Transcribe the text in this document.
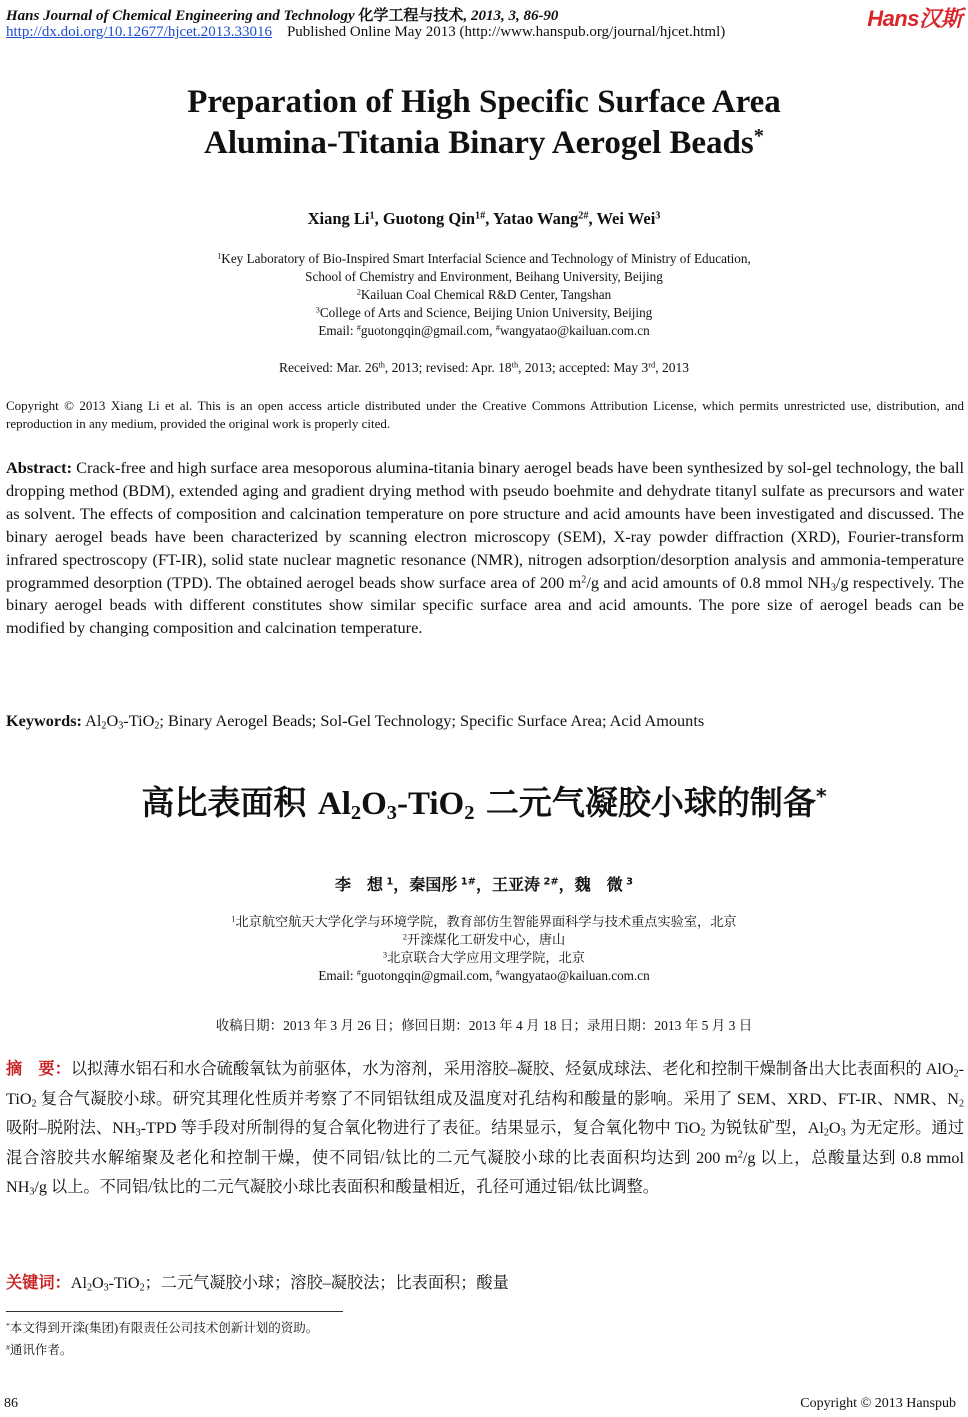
Hans Journal of Chemical Engineering and Technology 化学工程与技术, 2013, 3, 86-90	Hans汉斯
http://dx.doi.org/10.12677/hjcet.2013.33016 Published Online May 2013 (http://www.hanspub.org/journal/hjcet.html)
Preparation of High Specific Surface Area
Alumina-Titania Binary Aerogel Beads*
Xiang Li$^1$, Guotong Qin$^{1\#}$, Yatao Wang$^{2\#}$, Wei Wei$^3$
$^1$Key Laboratory of Bio-Inspired Smart Interfacial Science and Technology of Ministry of Education,
School of Chemistry and Environment, Beihang University, Beijing
$^2$Kailuan Coal Chemical R&D Center, Tangshan
$^3$College of Arts and Science, Beijing Union University, Beijing
Email: #guotongqin@gmail.com, #wangyatao@kailuan.com.cn
Received: Mar. 26th, 2013; revised: Apr. 18th, 2013; accepted: May 3rd, 2013
Copyright © 2013 Xiang Li et al. This is an open access article distributed under the Creative Commons Attribution License, which permits unrestricted use, distribution, and reproduction in any medium, provided the original work is properly cited.
Abstract: Crack-free and high surface area mesoporous alumina-titania binary aerogel beads have been synthesized by sol-gel technology, the ball dropping method (BDM), extended aging and gradient drying method with pseudo boehmite and dehydrate titanyl sulfate as precursors and water as solvent. The effects of composition and calcination temperature on pore structure and acid amounts have been investigated and discussed. The binary aerogel beads have been characterized by scanning electron microscopy (SEM), X-ray powder diffraction (XRD), Fourier-transform infrared spectroscopy (FT-IR), solid state nuclear magnetic resonance (NMR), nitrogen adsorption/desorption analysis and ammonia-temperature programmed desorption (TPD). The obtained aerogel beads show surface area of 200 $m^2/g$ and acid amounts of 0.8 mmol $NH_3/g$ respectively. The binary aerogel beads with different constitutes show similar specific surface area and acid amounts. The pore size of aerogel beads can be modified by changing composition and calcination temperature.
Keywords: $Al_2O_3-TiO_2$; Binary Aerogel Beads; Sol-Gel Technology; Specific Surface Area; Acid Amounts
高比表面积 $Al_2O_3-TiO_2$ 二元气凝胶小球的制备*
李　想 $^1$，秦国彤 $^{1\#}$，王亚涛 $^{2\#}$，魏　微 $^3$
$^1$北京航空航天大学化学与环境学院，教育部仿生智能界面科学与技术重点实验室，北京
$^2$开滦煤化工研发中心，唐山
$^3$北京联合大学应用文理学院，北京
Email: #guotongqin@gmail.com, #wangyatao@kailuan.com.cn
收稿日期：2013 年 3 月 26 日；修回日期：2013 年 4 月 18 日；录用日期：2013 年 5 月 3 日
摘　要：以拟薄水铝石和水合硫酸氧钛为前驱体，水为溶剂，采用溶胶–凝胶、烃氨成球法、老化和控制干燥制备出大比表面积的 AlO$_2$-TiO$_2$ 复合气凝胶小球。研究其理化性质并考察了不同铝钛组成及温度对孔结构和酸量的影响。采用了 SEM、XRD、FT-IR、NMR、$N_2$ 吸附–脱附法、$NH_3$-TPD 等手段对所制得的复合氧化物进行了表征。结果显示，复合氧化物中 TiO$_2$ 为锐钛矿型，$Al_2O_3$ 为无定形。通过混合溶胶共水解缩聚及老化和控制干燥，使不同铝/钛比的二元气凝胶小球的比表面积均达到 200 $m^2/g$ 以上，总酸量达到 0.8 mmol $NH_3/g$ 以上。不同铝/钛比的二元气凝胶小球比表面积和酸量相近，孔径可通过铝/钛比调整。
关键词：$Al_2O_3-TiO_2$；二元气凝胶小球；溶胶–凝胶法；比表面积；酸量
*本文得到开滦(集团)有限责任公司技术创新计划的资助。
#通讯作者。
86	Copyright © 2013 Hanspub
